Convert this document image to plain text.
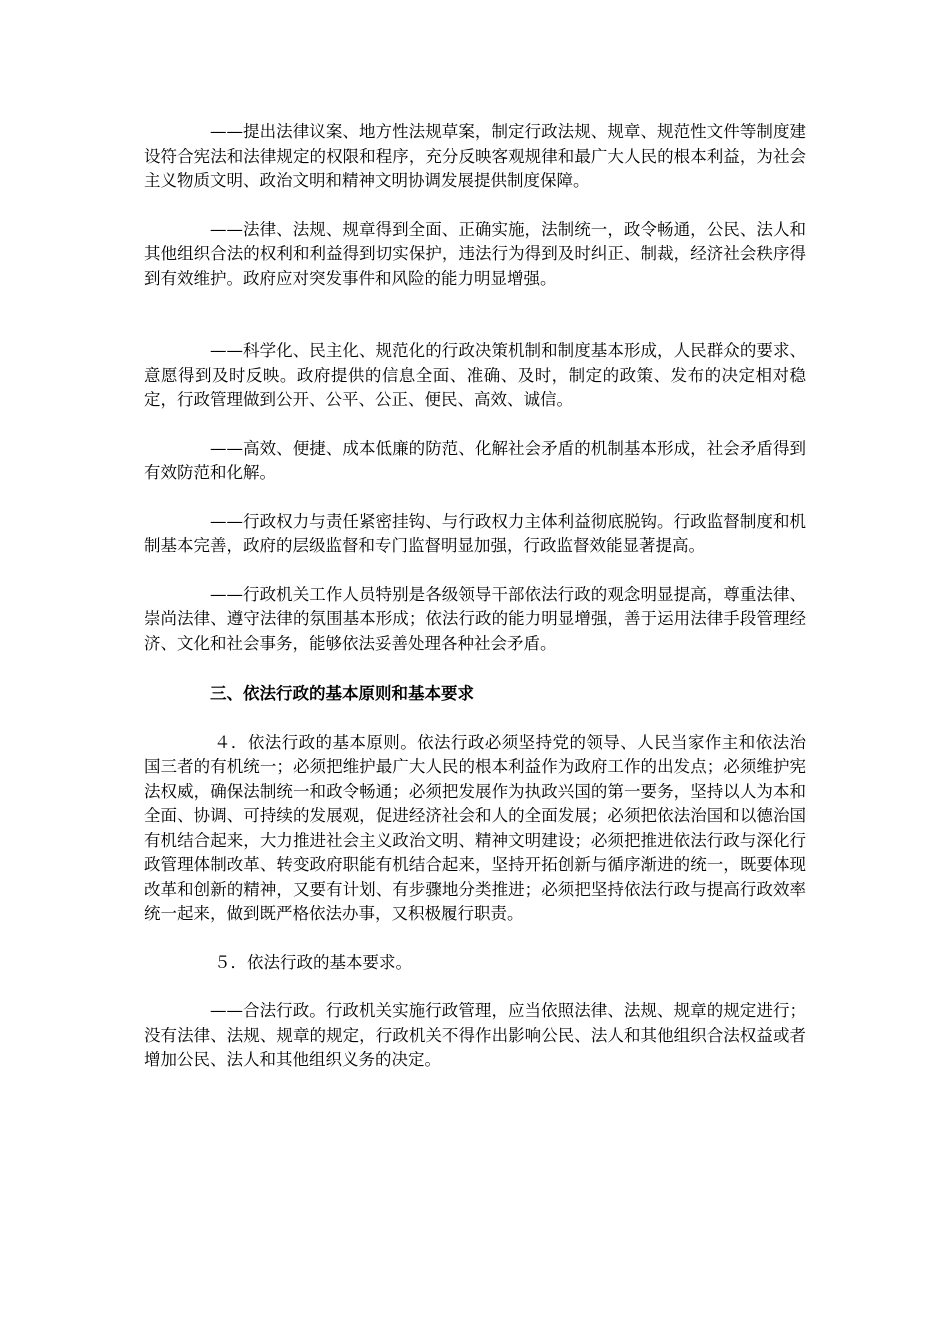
——提出法律议案、地方性法规草案，制定行政法规、规章、规范性文件等制度建设符合宪法和法律规定的权限和程序，充分反映客观规律和最广大人民的根本利益，为社会主义物质文明、政治文明和精神文明协调发展提供制度保障。

——法律、法规、规章得到全面、正确实施，法制统一，政令畅通，公民、法人和其他组织合法的权利和利益得到切实保护，违法行为得到及时纠正、制裁，经济社会秩序得到有效维护。政府应对突发事件和风险的能力明显增强。

——科学化、民主化、规范化的行政决策机制和制度基本形成，人民群众的要求、意愿得到及时反映。政府提供的信息全面、准确、及时，制定的政策、发布的决定相对稳定，行政管理做到公开、公平、公正、便民、高效、诚信。

——高效、便捷、成本低廉的防范、化解社会矛盾的机制基本形成，社会矛盾得到有效防范和化解。

——行政权力与责任紧密挂钩、与行政权力主体利益彻底脱钩。行政监督制度和机制基本完善，政府的层级监督和专门监督明显加强，行政监督效能显著提高。

——行政机关工作人员特别是各级领导干部依法行政的观念明显提高，尊重法律、崇尚法律、遵守法律的氛围基本形成；依法行政的能力明显增强，善于运用法律手段管理经济、文化和社会事务，能够依法妥善处理各种社会矛盾。

三、依法行政的基本原则和基本要求

４．依法行政的基本原则。依法行政必须坚持党的领导、人民当家作主和依法治国三者的有机统一；必须把维护最广大人民的根本利益作为政府工作的出发点；必须维护宪法权威，确保法制统一和政令畅通；必须把发展作为执政兴国的第一要务，坚持以人为本和全面、协调、可持续的发展观，促进经济社会和人的全面发展；必须把依法治国和以德治国有机结合起来，大力推进社会主义政治文明、精神文明建设；必须把推进依法行政与深化行政管理体制改革、转变政府职能有机结合起来，坚持开拓创新与循序渐进的统一，既要体现改革和创新的精神，又要有计划、有步骤地分类推进；必须把坚持依法行政与提高行政效率统一起来，做到既严格依法办事，又积极履行职责。

５．依法行政的基本要求。

——合法行政。行政机关实施行政管理，应当依照法律、法规、规章的规定进行；没有法律、法规、规章的规定，行政机关不得作出影响公民、法人和其他组织合法权益或者增加公民、法人和其他组织义务的决定。
